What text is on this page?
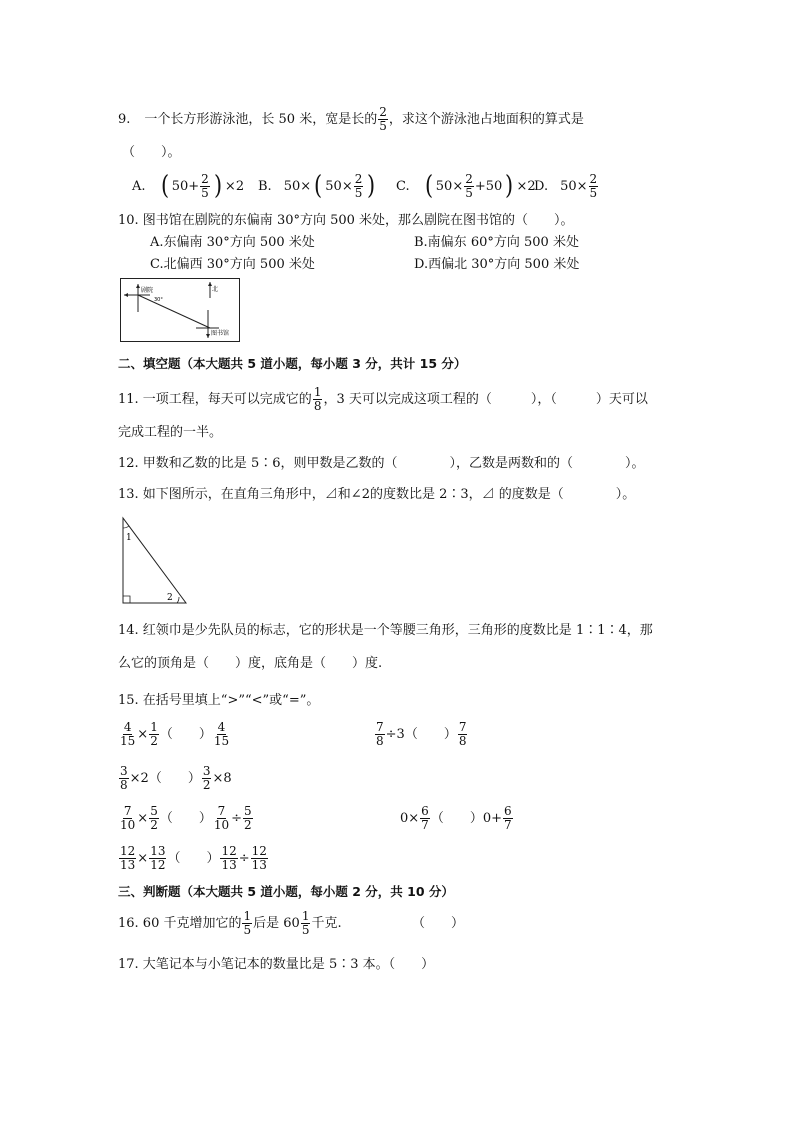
9. 一个长方形游泳池，长 50 米，宽是长的 $\frac{2}{5}$ ，求这个游泳池占地面积的算式是
（　　）。
A. ( $50+ \frac{2}{5}$ ) ×2 B. 50× ( $50\times \frac{2}{5}$ ) C. ( $50\times \frac{2}{5} +50$ ) ×2
D. $50\times \frac{2}{5}$
10. 图书馆在剧院的东偏南 30°方向 500 米处，那么剧院在图书馆的（　　）。
A.东偏南 30°方向 500 米处	B.南偏东 60°方向 500 米处
C.北偏西 30°方向 500 米处	D.西偏北 30°方向 500 米处
剧院
30°
北
图书馆
二、填空题（本大题共 5 道小题，每小题 3 分，共计 15 分）
11. 一项工程，每天可以完成它的 $\frac{1}{8}$ ，3 天可以完成这项工程的（　　　），（　　　）天可以
完成工程的一半。
12. 甲数和乙数的比是 5∶6，则甲数是乙数的（　　　　），乙数是两数和的（　　　　）。
13. 如下图所示，在直角三角形中，⊿和∠2的度数比是 2∶3，⊿ 的度数是（　　　　）。
1
2
14. 红领巾是少先队员的标志，它的形状是一个等腰三角形，三角形的度数比是 1∶1∶4，那
么它的顶角是（　　）度，底角是（　　）度.
15. 在括号里填上“>”“<”或“=”。
$\frac{4}{15} \times \frac{1}{2}$ （　　） $\frac{4}{15}$	$\frac{7}{8} \div 3$ （　　） $\frac{7}{8}$
$\frac{3}{8} \times 2$ （　　） $\frac{3}{2} \times 8$
$\frac{7}{10} \times \frac{5}{2}$ （　　） $\frac{7}{10} \div \frac{5}{2}$	$0\times \frac{6}{7}$ （　　） $0+ \frac{6}{7}$
$\frac{12}{13} \times \frac{13}{12}$ （　　） $\frac{12}{13} \div \frac{12}{13}$
三、判断题（本大题共 5 道小题，每小题 2 分，共 10 分）
16. 60 千克增加它的 $\frac{1}{5}$ 后是 $60 \frac{1}{5}$ 千克.	（　　）
17. 大笔记本与小笔记本的数量比是 5∶3 本。（　　）
